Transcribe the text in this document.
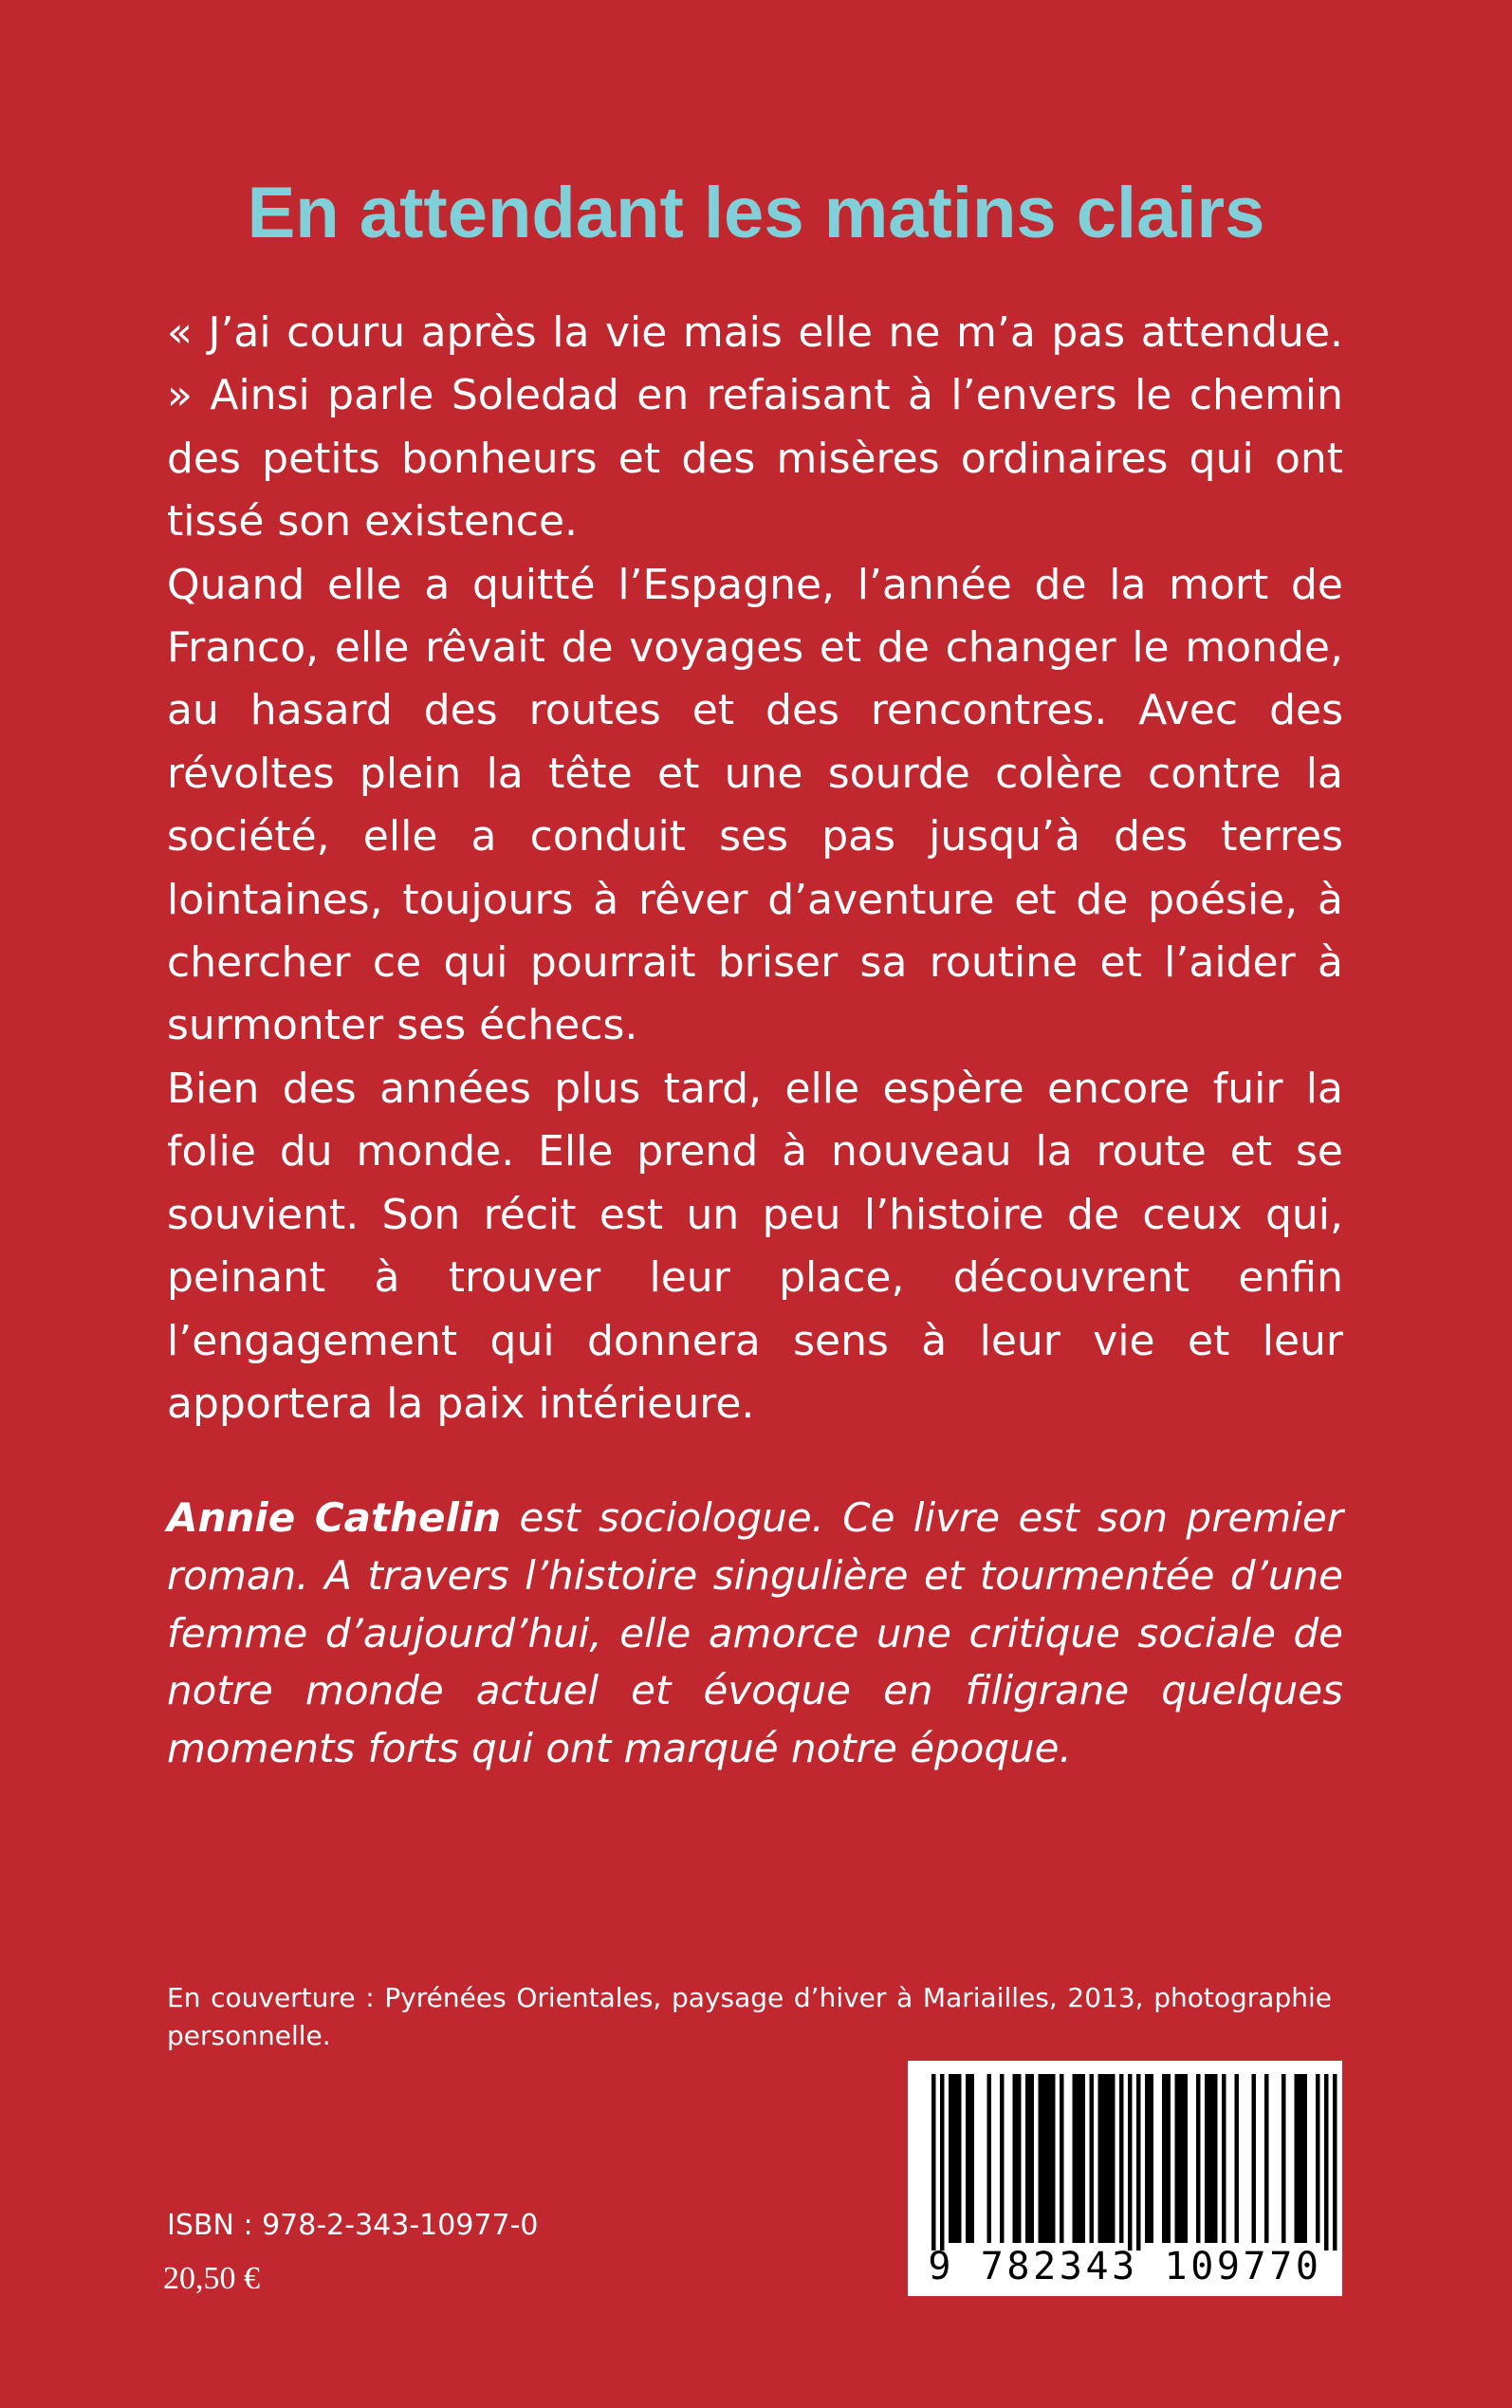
En attendant les matins clairs

« J’ai couru après la vie mais elle ne m’a pas attendue. » Ainsi parle Soledad en refaisant à l’envers le chemin des petits bonheurs et des misères ordinaires qui ont tissé son existence.

Quand elle a quitté l’Espagne, l’année de la mort de Franco, elle rêvait de voyages et de changer le monde, au hasard des routes et des rencontres. Avec des révoltes plein la tête et une sourde colère contre la société, elle a conduit ses pas jusqu’à des terres lointaines, toujours à rêver d’aventure et de poésie, à chercher ce qui pourrait briser sa routine et l’aider à surmonter ses échecs.

Bien des années plus tard, elle espère encore fuir la folie du monde. Elle prend à nouveau la route et se souvient. Son récit est un peu l’histoire de ceux qui, peinant à trouver leur place, découvrent enfin l’engagement qui donnera sens à leur vie et leur apportera la paix intérieure.

Annie Cathelin est sociologue. Ce livre est son premier roman. A travers l’histoire singulière et tourmentée d’une femme d’aujourd’hui, elle amorce une critique sociale de notre monde actuel et évoque en filigrane quelques moments forts qui ont marqué notre époque.
En couverture : Pyrénées Orientales, paysage d’hiver à Mariailles, 2013, photographie personnelle.
ISBN : 978-2-343-10977-0
20,50 €	9 782343 109770
